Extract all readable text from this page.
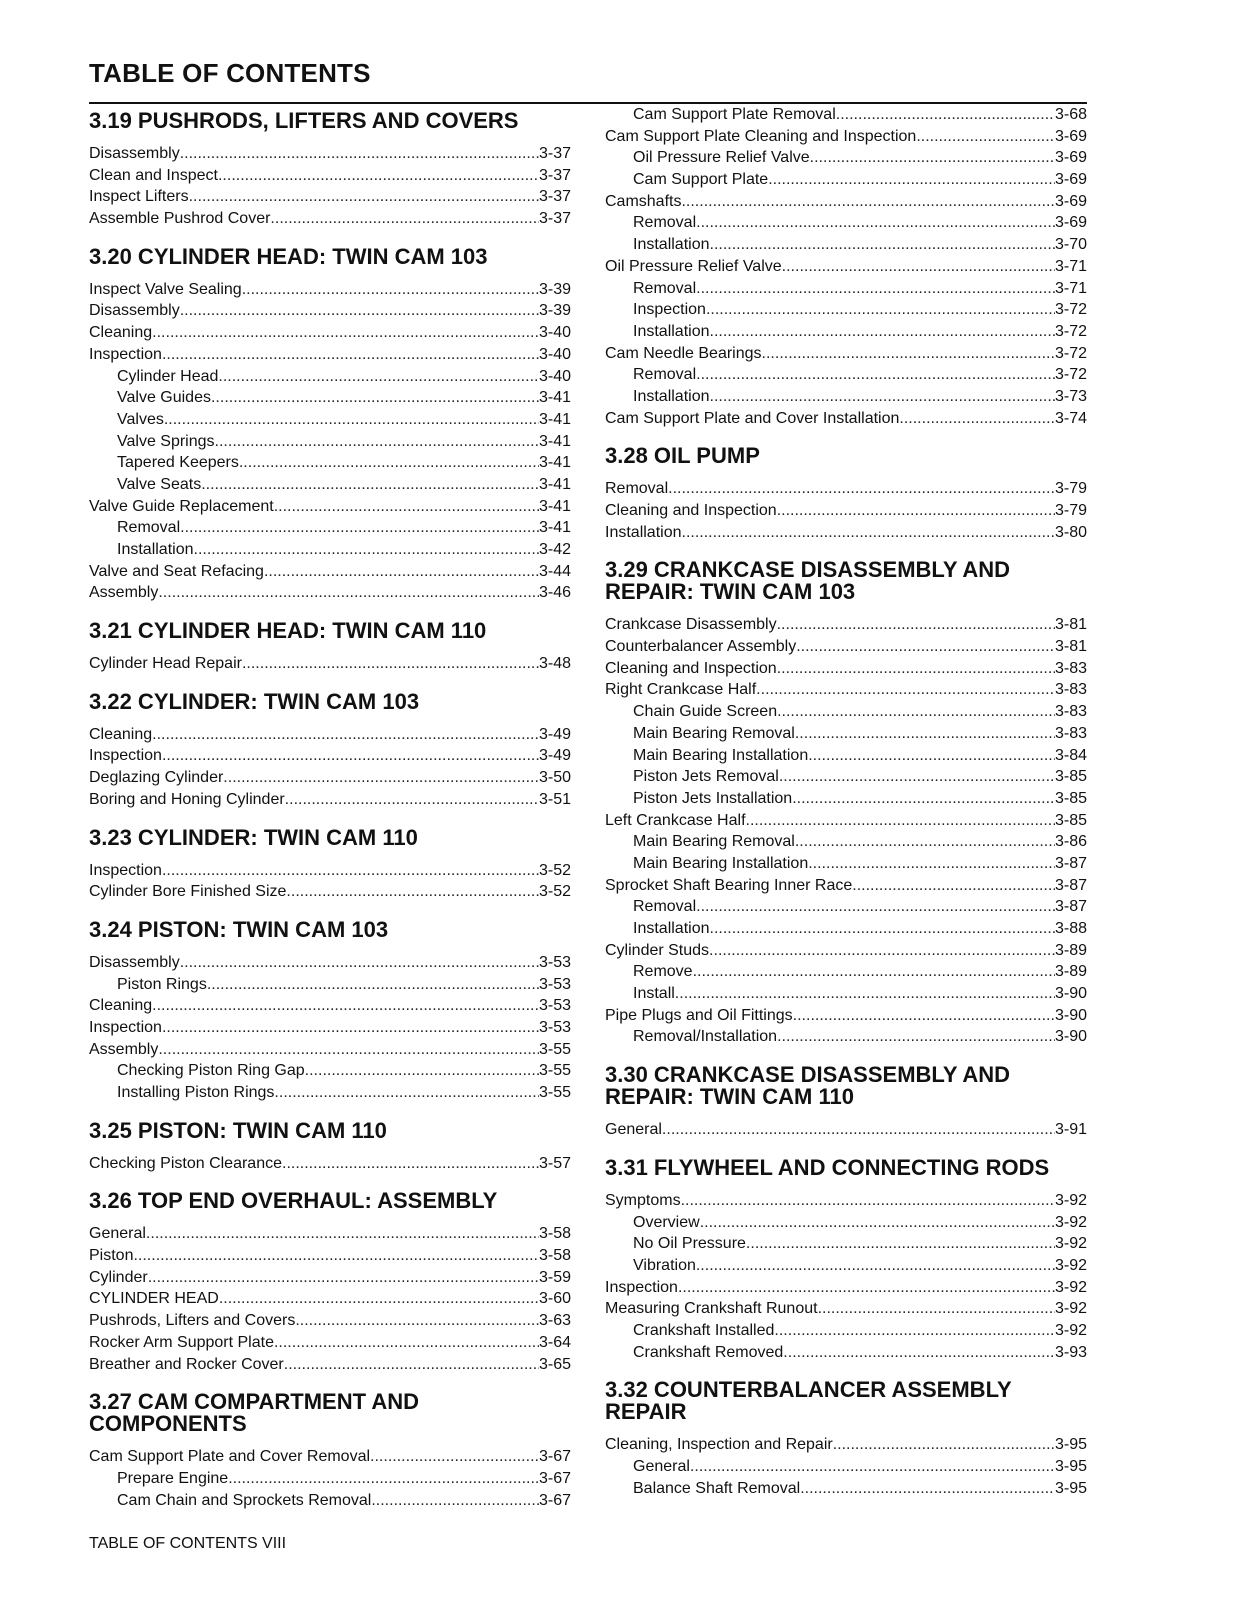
TABLE OF CONTENTS
3.19 PUSHRODS, LIFTERS AND COVERS
Disassembly .....	3-37
Clean and Inspect .....	3-37
Inspect Lifters .....	3-37
Assemble Pushrod Cover .....	3-37
3.20 CYLINDER HEAD: TWIN CAM 103
Inspect Valve Sealing .....	3-39
Disassembly .....	3-39
Cleaning .....	3-40
Inspection .....	3-40
Cylinder Head .....	3-40
Valve Guides .....	3-41
Valves .....	3-41
Valve Springs .....	3-41
Tapered Keepers .....	3-41
Valve Seats .....	3-41
Valve Guide Replacement .....	3-41
Removal .....	3-41
Installation .....	3-42
Valve and Seat Refacing .....	3-44
Assembly .....	3-46
3.21 CYLINDER HEAD: TWIN CAM 110
Cylinder Head Repair .....	3-48
3.22 CYLINDER: TWIN CAM 103
Cleaning .....	3-49
Inspection .....	3-49
Deglazing Cylinder .....	3-50
Boring and Honing Cylinder .....	3-51
3.23 CYLINDER: TWIN CAM 110
Inspection .....	3-52
Cylinder Bore Finished Size .....	3-52
3.24 PISTON: TWIN CAM 103
Disassembly .....	3-53
Piston Rings .....	3-53
Cleaning .....	3-53
Inspection .....	3-53
Assembly .....	3-55
Checking Piston Ring Gap .....	3-55
Installing Piston Rings .....	3-55
3.25 PISTON: TWIN CAM 110
Checking Piston Clearance .....	3-57
3.26 TOP END OVERHAUL: ASSEMBLY
General .....	3-58
Piston .....	3-58
Cylinder .....	3-59
CYLINDER HEAD .....	3-60
Pushrods, Lifters and Covers .....	3-63
Rocker Arm Support Plate .....	3-64
Breather and Rocker Cover .....	3-65
3.27 CAM COMPARTMENT AND COMPONENTS
Cam Support Plate and Cover Removal .....	3-67
Prepare Engine .....	3-67
Cam Chain and Sprockets Removal .....	3-67
Cam Support Plate Removal .....	3-68
Cam Support Plate Cleaning and Inspection .....	3-69
Oil Pressure Relief Valve .....	3-69
Cam Support Plate .....	3-69
Camshafts .....	3-69
Removal .....	3-69
Installation .....	3-70
Oil Pressure Relief Valve .....	3-71
Removal .....	3-71
Inspection .....	3-72
Installation .....	3-72
Cam Needle Bearings .....	3-72
Removal .....	3-72
Installation .....	3-73
Cam Support Plate and Cover Installation .....	3-74
3.28 OIL PUMP
Removal .....	3-79
Cleaning and Inspection .....	3-79
Installation .....	3-80
3.29 CRANKCASE DISASSEMBLY AND REPAIR: TWIN CAM 103
Crankcase Disassembly .....	3-81
Counterbalancer Assembly .....	3-81
Cleaning and Inspection .....	3-83
Right Crankcase Half .....	3-83
Chain Guide Screen .....	3-83
Main Bearing Removal .....	3-83
Main Bearing Installation .....	3-84
Piston Jets Removal .....	3-85
Piston Jets Installation .....	3-85
Left Crankcase Half .....	3-85
Main Bearing Removal .....	3-86
Main Bearing Installation .....	3-87
Sprocket Shaft Bearing Inner Race .....	3-87
Removal .....	3-87
Installation .....	3-88
Cylinder Studs .....	3-89
Remove .....	3-89
Install .....	3-90
Pipe Plugs and Oil Fittings .....	3-90
Removal/Installation .....	3-90
3.30 CRANKCASE DISASSEMBLY AND REPAIR: TWIN CAM 110
General .....	3-91
3.31 FLYWHEEL AND CONNECTING RODS
Symptoms .....	3-92
Overview .....	3-92
No Oil Pressure .....	3-92
Vibration .....	3-92
Inspection .....	3-92
Measuring Crankshaft Runout .....	3-92
Crankshaft Installed .....	3-92
Crankshaft Removed .....	3-93
3.32 COUNTERBALANCER ASSEMBLY REPAIR
Cleaning, Inspection and Repair .....	3-95
General .....	3-95
Balance Shaft Removal .....	3-95
TABLE OF CONTENTS VIII
